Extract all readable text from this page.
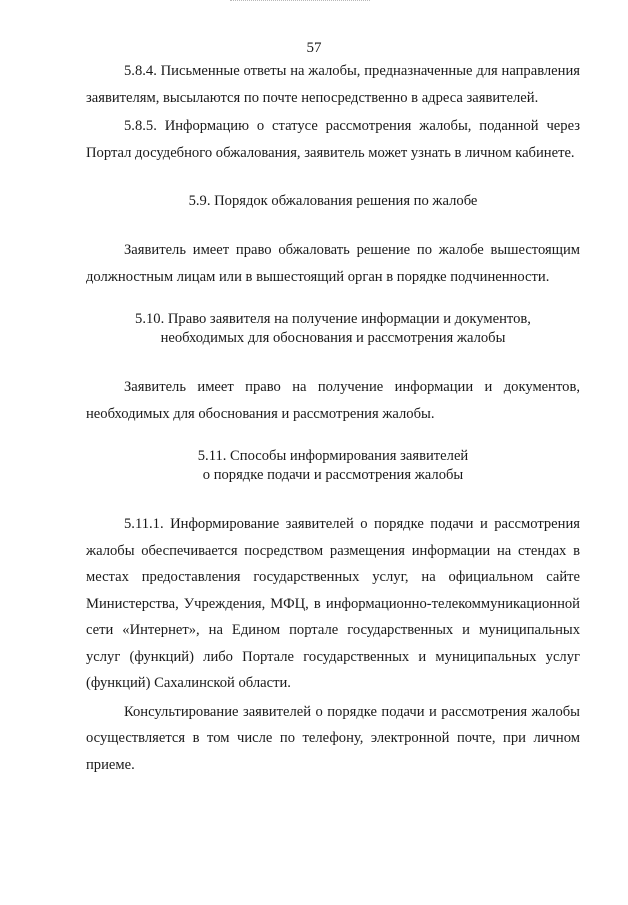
57

5.8.4. Письменные ответы на жалобы, предназначенные для направления заявителям, высылаются по почте непосредственно в адреса заявителей.

5.8.5. Информацию о статусе рассмотрения жалобы, поданной через Портал досудебного обжалования, заявитель может узнать в личном кабинете.

5.9. Порядок обжалования решения по жалобе

Заявитель имеет право обжаловать решение по жалобе вышестоящим должностным лицам или в вышестоящий орган в порядке подчиненности.

5.10. Право заявителя на получение информации и документов,
необходимых для обоснования и рассмотрения жалобы

Заявитель имеет право на получение информации и документов, необходимых для обоснования и рассмотрения жалобы.

5.11. Способы информирования заявителей
о порядке подачи и рассмотрения жалобы

5.11.1. Информирование заявителей о порядке подачи и рассмотрения жалобы обеспечивается посредством размещения информации на стендах в местах предоставления государственных услуг, на официальном сайте Министерства, Учреждения, МФЦ, в информационно-телекоммуникационной сети «Интернет», на Едином портале государственных и муниципальных услуг (функций) либо Портале государственных и муниципальных услуг (функций) Сахалинской области.

Консультирование заявителей о порядке подачи и рассмотрения жалобы осуществляется в том числе по телефону, электронной почте, при личном приеме.
